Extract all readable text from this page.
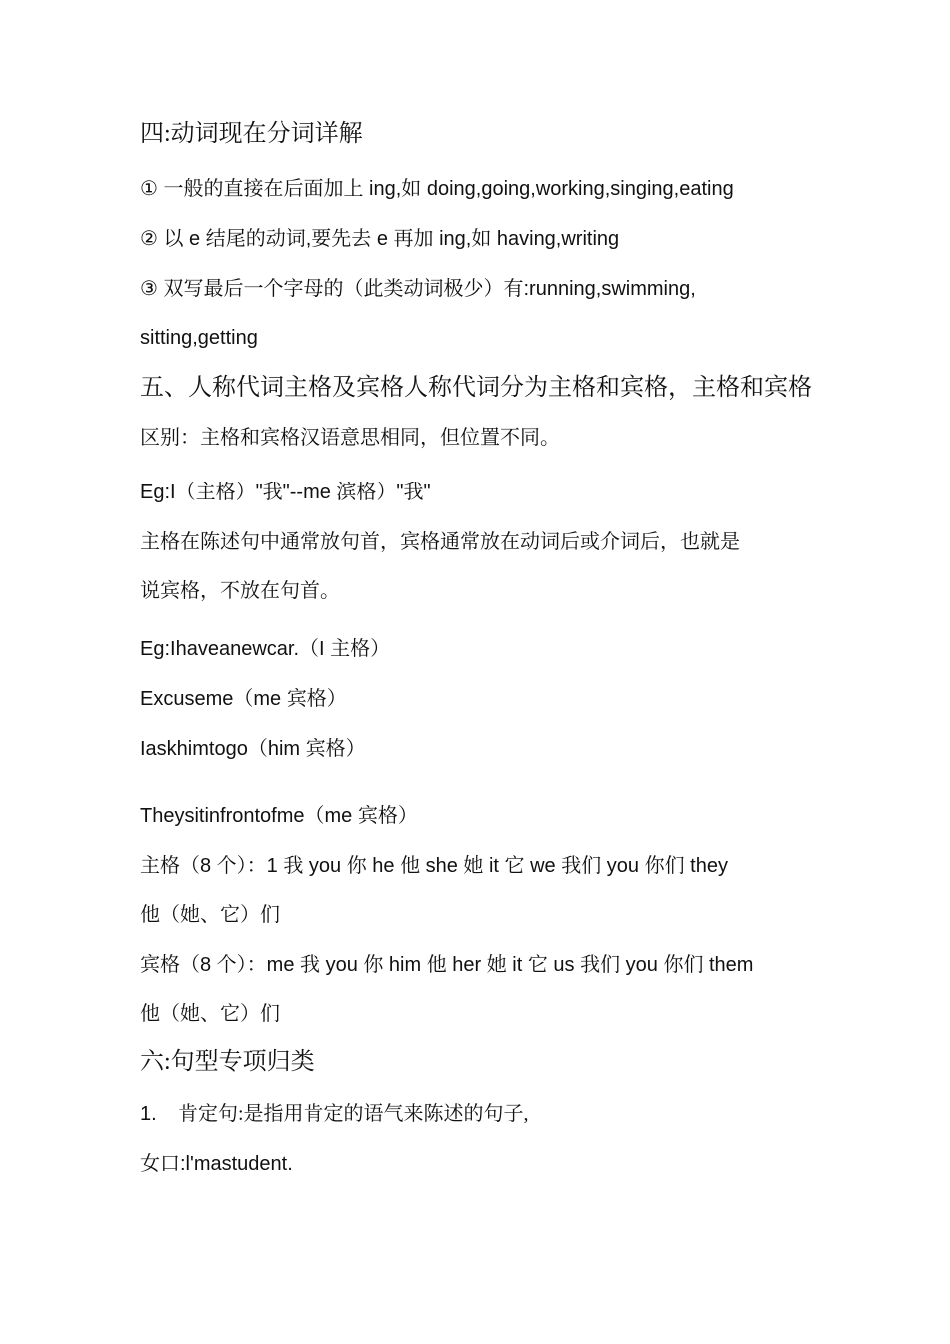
四:动词现在分词详解
① 一般的直接在后面加上 ing,如 doing,going,working,singing,eating
② 以 e 结尾的动词,要先去 e 再加 ing,如 having,writing
③ 双写最后一个字母的（此类动词极少）有:running,swimming,
sitting,getting
五、人称代词主格及宾格人称代词分为主格和宾格，主格和宾格
区别：主格和宾格汉语意思相同，但位置不同。
Eg:I（主格）"我"--me 滨格）"我"
主格在陈述句中通常放句首，宾格通常放在动词后或介词后，也就是
说宾格，不放在句首。
Eg:Ihaveanewcar.（I 主格）
Excuseme（me 宾格）
Iaskhimtogo（him 宾格）
Theysitinfrontofme（me 宾格）
主格（8 个）：1 我 you 你 he 他 she 她 it 它 we 我们 you 你们 they
他（她、它）们
宾格（8 个）：me 我 you 你 him 他 her 她 it 它 us 我们 you 你们 them
他（她、它）们
六:句型专项归类
1. 肯定句:是指用肯定的语气来陈述的句子,
女口:l'mastudent.
